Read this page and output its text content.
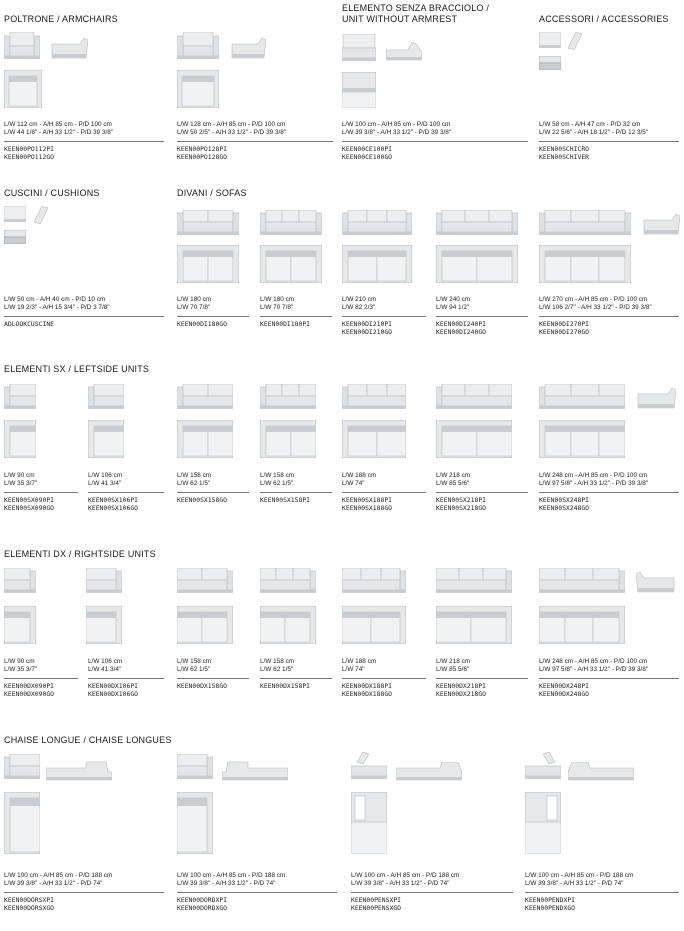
POLTRONE / ARMCHAIRS
ELEMENTO SENZA BRACCIOLO /
UNIT WITHOUT ARMREST	ACCESSORI / ACCESSORIES
CUSCINI / CUSHIONS	DIVANI / SOFAS
ELEMENTI SX / LEFTSIDE UNITS
ELEMENTI DX / RIGHTSIDE UNITS
CHAISE LONGUE / CHAISE LONGUES
L/W 112 cm - A/H 85 cm - P/D 100 cm
L/W 44 1/8" - A/H 33 1/2" - P/D 39 3/8"
KEEN00PO112PI
KEEN00PO112GO
L/W 128 cm - A/H 85 cm - P/D 100 cm
L/W 50 2/5" - A/H 33 1/2" - P/D 39 3/8"
KEEN00PO128PI
KEEN00PO128GO
L/W 100 cm - A/H 85 cm - P/D 100 cm
L/W 39 3/8" - A/H 33 1/2" - P/D 39 3/8"
KEEN00CE100PI
KEEN00CE100GO
L/W 58 cm - A/H 47 cm - P/D 32 cm
L/W 22 5/6" - A/H 18 1/2" - P/D 12 3/5"
KEEN00SCHICRO
KEEN00SCHIVER
L/W 50 cm - A/H 40 cm - P/D 10 cm
L/W 19 2/3" - A/H 15 3/4" - P/D 3 7/8"
ADLOOKCUSCINE
L/W 180 cm
L/W 70 7/8"
KEEN00DI180GO
L/W 180 cm
L/W 70 7/8"
KEEN00DI180PI
L/W 210 cm
L/W 82 2/3"
KEEN00DI210PI
KEEN00DI210GO
L/W 240 cm
L/W 94 1/2"
KEEN00DI240PI
KEEN00DI240GO
L/W 270 cm - A/H 85 cm - P/D 100 cm
L/W 106 2/7" - A/H 33 1/2" - P/D 39 3/8"
KEEN00DI270PI
KEEN00DI270GO
L/W 90 cm
L/W 35 3/7"
KEEN00SX090PI
KEEN00SX090GO
L/W 106 cm
L/W 41 3/4"
KEEN00SX106PI
KEEN00SX106GO
L/W 158 cm
L/W 62 1/5"
KEEN00SX158GO
L/W 158 cm
L/W 62 1/5"
KEEN00SX158PI
L/W 188 cm
L/W 74"
KEEN00SX188PI
KEEN00SX188GO
L/W 218 cm
L/W 85 5/6"
KEEN00SX218PI
KEEN00SX218GO
L/W 248 cm - A/H 85 cm - P/D 100 cm
L/W 97 5/8" - A/H 33 1/2" - P/D 39 3/8"
KEEN00SX248PI
KEEN00SX248GO
L/W 90 cm
L/W 35 3/7"
KEEN00DX090PI
KEEN00DX090GO
L/W 106 cm
L/W 41 3/4"
KEEN00DX106PI
KEEN00DX106GO
L/W 158 cm
L/W 62 1/5"
KEEN00DX158GO
L/W 158 cm
L/W 62 1/5"
KEEN00DX158PI
L/W 188 cm
L/W 74"
KEEN00DX188PI
KEEN00DX188GO
L/W 218 cm
L/W 85 5/6"
KEEN00DX218PI
KEEN00DX218GO
L/W 248 cm - A/H 85 cm - P/D 100 cm
L/W 97 5/8" - A/H 33 1/2" - P/D 39 3/8"
KEEN00DX248PI
KEEN00DX248GO
L/W 100 cm - A/H 85 cm - P/D 188 cm
L/W 39 3/8" - A/H 33 1/2" - P/D 74"
KEEN00DORSXPI
KEEN00DORSXGO
L/W 100 cm - A/H 85 cm - P/D 188 cm
L/W 39 3/8" - A/H 33 1/2" - P/D 74"
KEEN00DORDXPI
KEEN00DORDXGO
L/W 100 cm - A/H 85 cm - P/D 188 cm
L/W 39 3/8" - A/H 33 1/2" - P/D 74"
KEEN00PENSXPI
KEEN00PENSXGO
L/W 100 cm - A/H 85 cm - P/D 188 cm
L/W 39 3/8" - A/H 33 1/2" - P/D 74"
KEEN00PENDXPI
KEEN00PENDXGO
